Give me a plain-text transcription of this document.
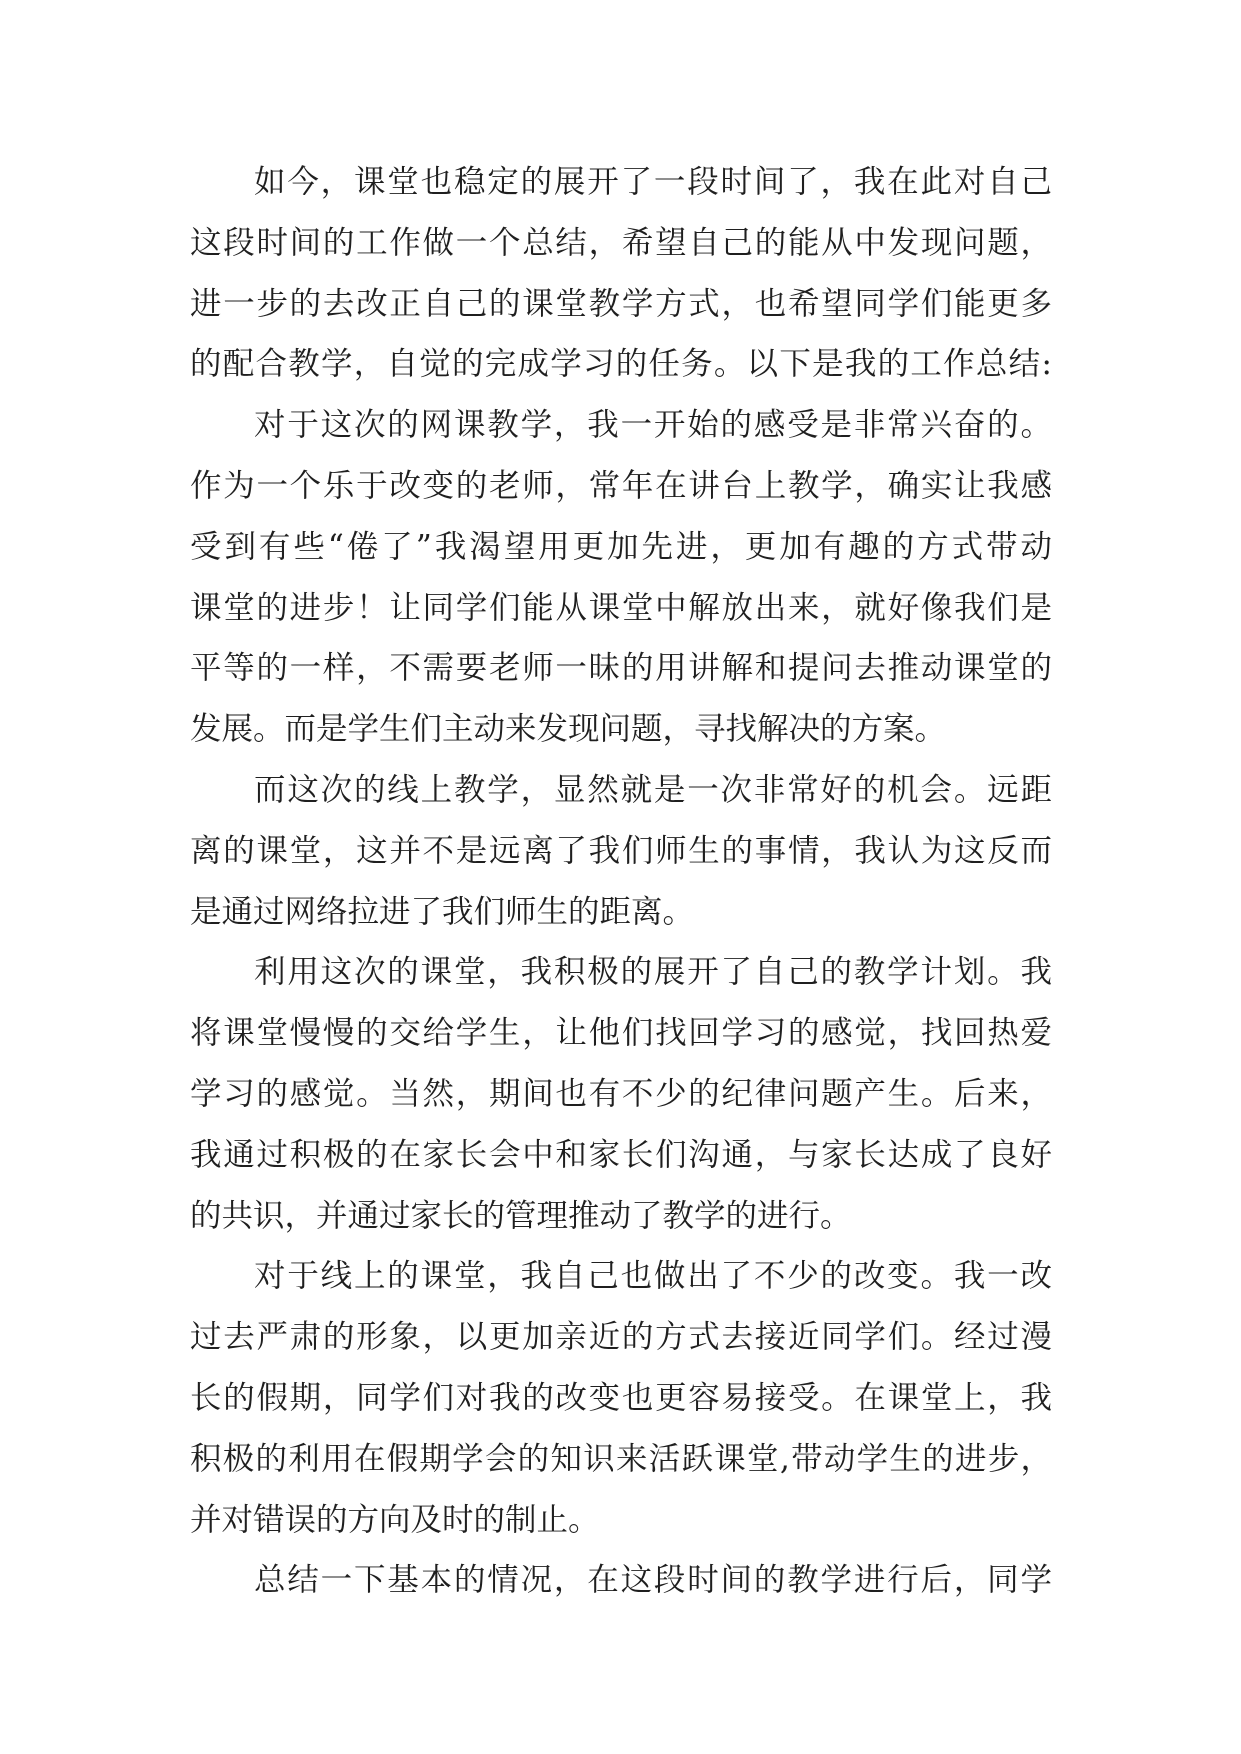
如今，课堂也稳定的展开了一段时间了，我在此对自己
这段时间的工作做一个总结，希望自己的能从中发现问题，
进一步的去改正自己的课堂教学方式，也希望同学们能更多
的配合教学，自觉的完成学习的任务。以下是我的工作总结:
对于这次的网课教学，我一开始的感受是非常兴奋的。
作为一个乐于改变的老师，常年在讲台上教学，确实让我感
受到有些“倦了”我渴望用更加先进，更加有趣的方式带动
课堂的进步！让同学们能从课堂中解放出来，就好像我们是
平等的一样，不需要老师一昧的用讲解和提问去推动课堂的
发展。而是学生们主动来发现问题，寻找解决的方案。
而这次的线上教学，显然就是一次非常好的机会。远距
离的课堂，这并不是远离了我们师生的事情，我认为这反而
是通过网络拉进了我们师生的距离。
利用这次的课堂，我积极的展开了自己的教学计划。我
将课堂慢慢的交给学生，让他们找回学习的感觉，找回热爱
学习的感觉。当然，期间也有不少的纪律问题产生。后来，
我通过积极的在家长会中和家长们沟通，与家长达成了良好
的共识，并通过家长的管理推动了教学的进行。
对于线上的课堂，我自己也做出了不少的改变。我一改
过去严肃的形象，以更加亲近的方式去接近同学们。经过漫
长的假期，同学们对我的改变也更容易接受。在课堂上，我
积极的利用在假期学会的知识来活跃课堂,带动学生的进步，
并对错误的方向及时的制止。
总结一下基本的情况，在这段时间的教学进行后，同学
